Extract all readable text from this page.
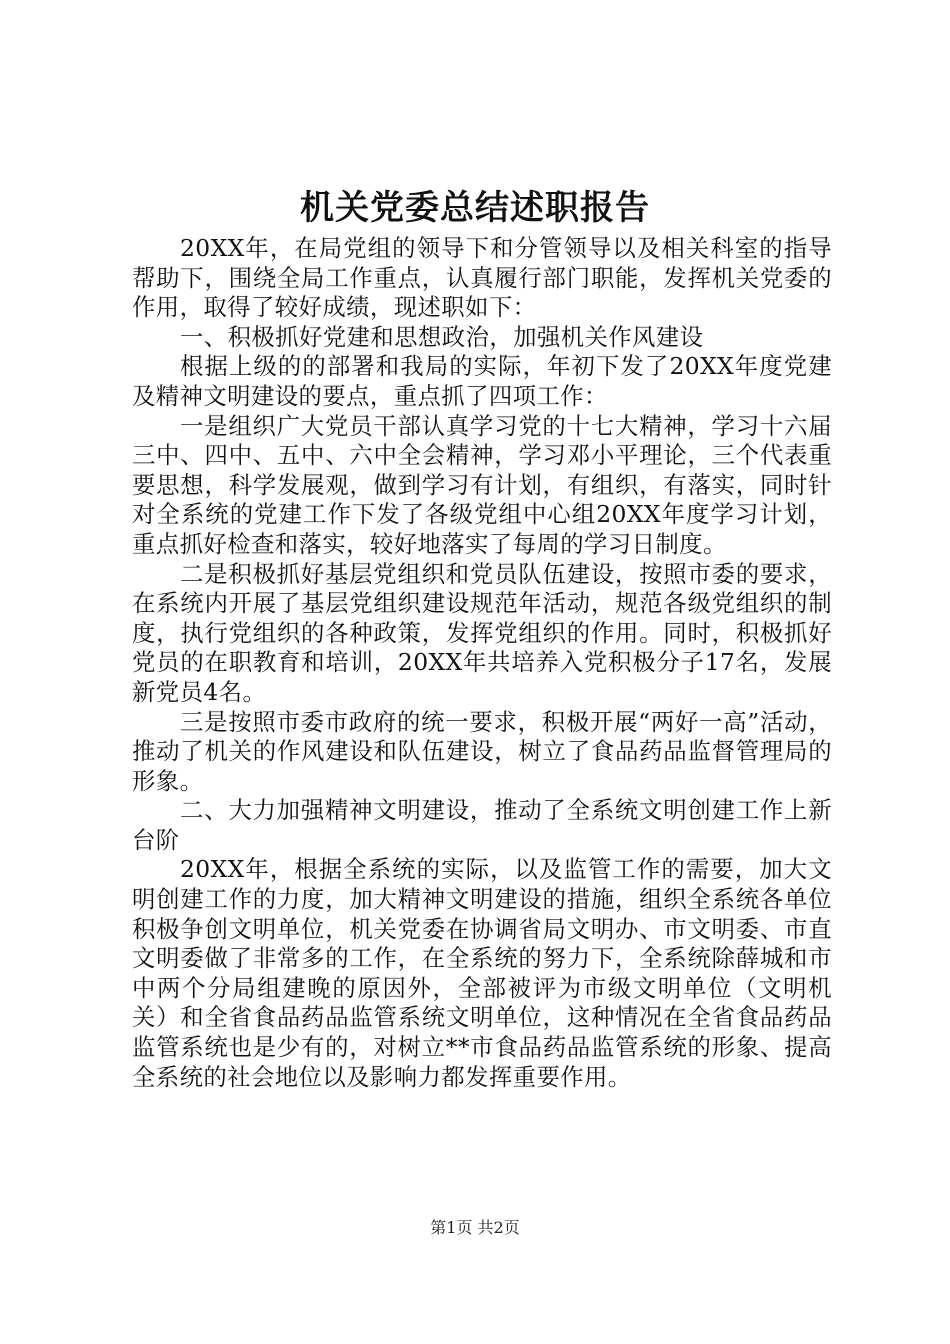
机关党委总结述职报告

20XX年，在局党组的领导下和分管领导以及相关科室的指导帮助下，围绕全局工作重点，认真履行部门职能，发挥机关党委的作用，取得了较好成绩，现述职如下：

一、积极抓好党建和思想政治，加强机关作风建设

根据上级的的部署和我局的实际，年初下发了20XX年度党建及精神文明建设的要点，重点抓了四项工作：

一是组织广大党员干部认真学习党的十七大精神，学习十六届三中、四中、五中、六中全会精神，学习邓小平理论，三个代表重要思想，科学发展观，做到学习有计划，有组织，有落实，同时针对全系统的党建工作下发了各级党组中心组20XX年度学习计划，重点抓好检查和落实，较好地落实了每周的学习日制度。

二是积极抓好基层党组织和党员队伍建设，按照市委的要求，在系统内开展了基层党组织建设规范年活动，规范各级党组织的制度，执行党组织的各种政策，发挥党组织的作用。同时，积极抓好党员的在职教育和培训，20XX年共培养入党积极分子17名，发展新党员4名。

三是按照市委市政府的统一要求，积极开展“两好一高”活动，推动了机关的作风建设和队伍建设，树立了食品药品监督管理局的形象。

二、大力加强精神文明建设，推动了全系统文明创建工作上新台阶

20XX年，根据全系统的实际，以及监管工作的需要，加大文明创建工作的力度，加大精神文明建设的措施，组织全系统各单位积极争创文明单位，机关党委在协调省局文明办、市文明委、市直文明委做了非常多的工作，在全系统的努力下，全系统除薛城和市中两个分局组建晚的原因外，全部被评为市级文明单位（文明机关）和全省食品药品监管系统文明单位，这种情况在全省食品药品监管系统也是少有的，对树立**市食品药品监管系统的形象、提高全系统的社会地位以及影响力都发挥重要作用。

第1页 共2页
